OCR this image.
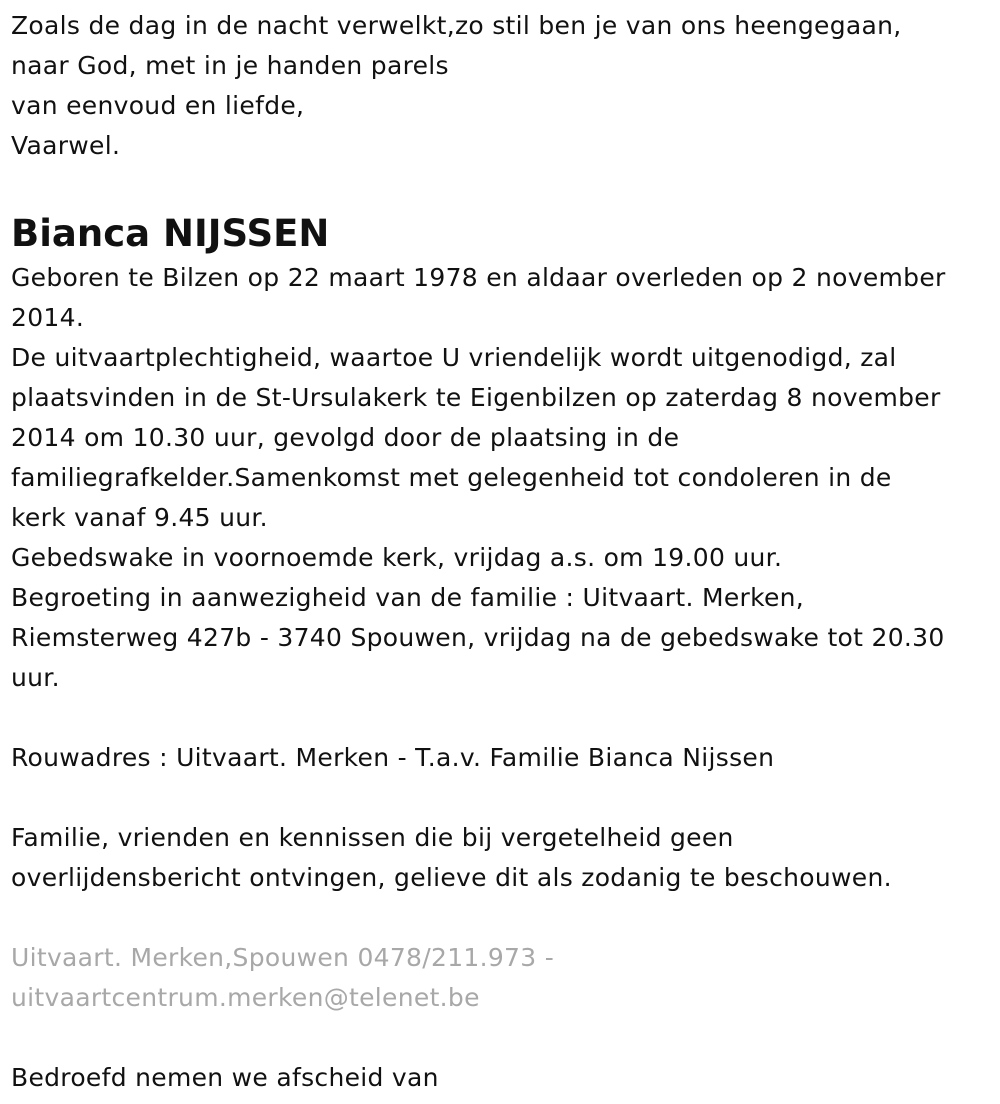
Zoals de dag in de nacht verwelkt,zo stil ben je van ons heengegaan,
naar God, met in je handen parels
van eenvoud en liefde,
Vaarwel.
Bianca NIJSSEN
Geboren te Bilzen op 22 maart 1978 en aldaar overleden op 2 november
2014.
De uitvaartplechtigheid, waartoe U vriendelijk wordt uitgenodigd, zal
plaatsvinden in de St-Ursulakerk te Eigenbilzen op zaterdag 8 november
2014 om 10.30 uur, gevolgd door de plaatsing in de
familiegrafkelder.Samenkomst met gelegenheid tot condoleren in de
kerk vanaf 9.45 uur.
Gebedswake in voornoemde kerk, vrijdag a.s. om 19.00 uur.
Begroeting in aanwezigheid van de familie : Uitvaart. Merken,
Riemsterweg 427b - 3740 Spouwen, vrijdag na de gebedswake tot 20.30
uur.
Rouwadres : Uitvaart. Merken - T.a.v. Familie Bianca Nijssen
Familie, vrienden en kennissen die bij vergetelheid geen
overlijdensbericht ontvingen, gelieve dit als zodanig te beschouwen.
Uitvaart. Merken,Spouwen 0478/211.973 -
uitvaartcentrum.merken@telenet.be
Bedroefd nemen we afscheid van
